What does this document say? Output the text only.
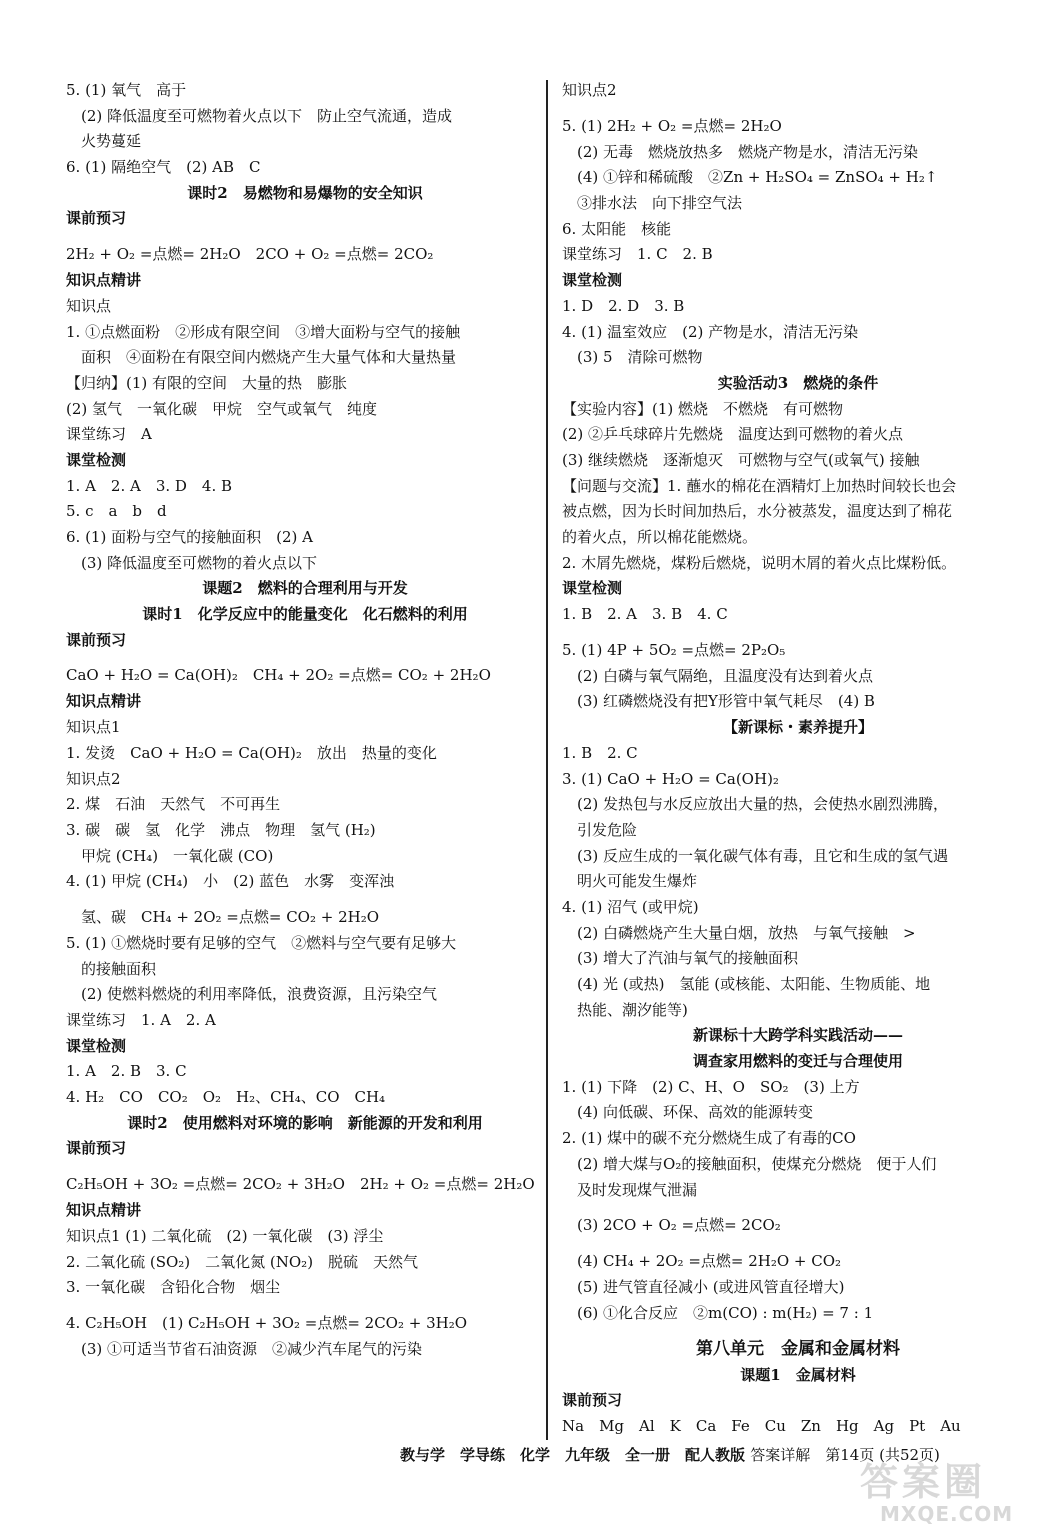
5. (1) 氧气　高于
　(2) 降低温度至可燃物着火点以下　防止空气流通，造成
　火势蔓延
6. (1) 隔绝空气　(2) AB　C
课时2　易燃物和易爆物的安全知识
课前预习
2H₂ + O₂ =点燃= 2H₂O　2CO + O₂ =点燃= 2CO₂
知识点精讲
知识点
1. ①点燃面粉　②形成有限空间　③增大面粉与空气的接触
　面积　④面粉在有限空间内燃烧产生大量气体和大量热量
【归纳】(1) 有限的空间　大量的热　膨胀
(2) 氢气　一氧化碳　甲烷　空气或氧气　纯度
课堂练习　A
课堂检测
1. A　2. A　3. D　4. B
5. c　a　b　d
6. (1) 面粉与空气的接触面积　(2) A
　(3) 降低温度至可燃物的着火点以下
课题2　燃料的合理利用与开发
课时1　化学反应中的能量变化　化石燃料的利用
课前预习
CaO + H₂O = Ca(OH)₂　CH₄ + 2O₂ =点燃= CO₂ + 2H₂O
知识点精讲
知识点1
1. 发烫　CaO + H₂O = Ca(OH)₂　放出　热量的变化
知识点2
2. 煤　石油　天然气　不可再生
3. 碳　碳　氢　化学　沸点　物理　氢气 (H₂)
　甲烷 (CH₄)　一氧化碳 (CO)
4. (1) 甲烷 (CH₄)　小　(2) 蓝色　水雾　变浑浊
　氢、碳　CH₄ + 2O₂ =点燃= CO₂ + 2H₂O
5. (1) ①燃烧时要有足够的空气　②燃料与空气要有足够大
　的接触面积
　(2) 使燃料燃烧的利用率降低，浪费资源，且污染空气
课堂练习　1. A　2. A
课堂检测
1. A　2. B　3. C
4. H₂　CO　CO₂　O₂　H₂、CH₄、CO　CH₄
课时2　使用燃料对环境的影响　新能源的开发和利用
课前预习
C₂H₅OH + 3O₂ =点燃= 2CO₂ + 3H₂O　2H₂ + O₂ =点燃= 2H₂O
知识点精讲
知识点1 (1) 二氧化硫　(2) 一氧化碳　(3) 浮尘
2. 二氧化硫 (SO₂)　二氧化氮 (NO₂)　脱硫　天然气
3. 一氧化碳　含铅化合物　烟尘
4. C₂H₅OH　(1) C₂H₅OH + 3O₂ =点燃= 2CO₂ + 3H₂O
　(3) ①可适当节省石油资源　②减少汽车尾气的污染
知识点2
5. (1) 2H₂ + O₂ =点燃= 2H₂O
　(2) 无毒　燃烧放热多　燃烧产物是水，清洁无污染
　(4) ①锌和稀硫酸　②Zn + H₂SO₄ = ZnSO₄ + H₂↑
　③排水法　向下排空气法
6. 太阳能　核能
课堂练习　1. C　2. B
课堂检测
1. D　2. D　3. B
4. (1) 温室效应　(2) 产物是水，清洁无污染
　(3) 5　清除可燃物
实验活动3　燃烧的条件
【实验内容】(1) 燃烧　不燃烧　有可燃物
(2) ②乒乓球碎片先燃烧　温度达到可燃物的着火点
(3) 继续燃烧　逐渐熄灭　可燃物与空气(或氧气) 接触
【问题与交流】1. 蘸水的棉花在酒精灯上加热时间较长也会
被点燃，因为长时间加热后，水分被蒸发，温度达到了棉花
的着火点，所以棉花能燃烧。
2. 木屑先燃烧，煤粉后燃烧，说明木屑的着火点比煤粉低。
课堂检测
1. B　2. A　3. B　4. C
5. (1) 4P + 5O₂ =点燃= 2P₂O₅
　(2) 白磷与氧气隔绝，且温度没有达到着火点
　(3) 红磷燃烧没有把Y形管中氧气耗尽　(4) B
【新课标・素养提升】
1. B　2. C
3. (1) CaO + H₂O = Ca(OH)₂
　(2) 发热包与水反应放出大量的热，会使热水剧烈沸腾，
　引发危险
　(3) 反应生成的一氧化碳气体有毒，且它和生成的氢气遇
　明火可能发生爆炸
4. (1) 沼气 (或甲烷)
　(2) 白磷燃烧产生大量白烟，放热　与氧气接触　>
　(3) 增大了汽油与氧气的接触面积
　(4) 光 (或热)　氢能 (或核能、太阳能、生物质能、地
　热能、潮汐能等)
新课标十大跨学科实践活动——
调查家用燃料的变迁与合理使用
1. (1) 下降　(2) C、H、O　SO₂　(3) 上方
　(4) 向低碳、环保、高效的能源转变
2. (1) 煤中的碳不充分燃烧生成了有毒的CO
　(2) 增大煤与O₂的接触面积，使煤充分燃烧　便于人们
　及时发现煤气泄漏
　(3) 2CO + O₂ =点燃= 2CO₂
　(4) CH₄ + 2O₂ =点燃= 2H₂O + CO₂
　(5) 进气管直径减小 (或进风管直径增大)
　(6) ①化合反应　②m(CO) : m(H₂) = 7 : 1
第八单元　金属和金属材料
课题1　金属材料
课前预习
Na　Mg　Al　K　Ca　Fe　Cu　Zn　Hg　Ag　Pt　Au
教与学　学导练　化学　九年级　全一册　配人教版 答案详解　第14页 (共52页)
答案圈
MXQE.COM
